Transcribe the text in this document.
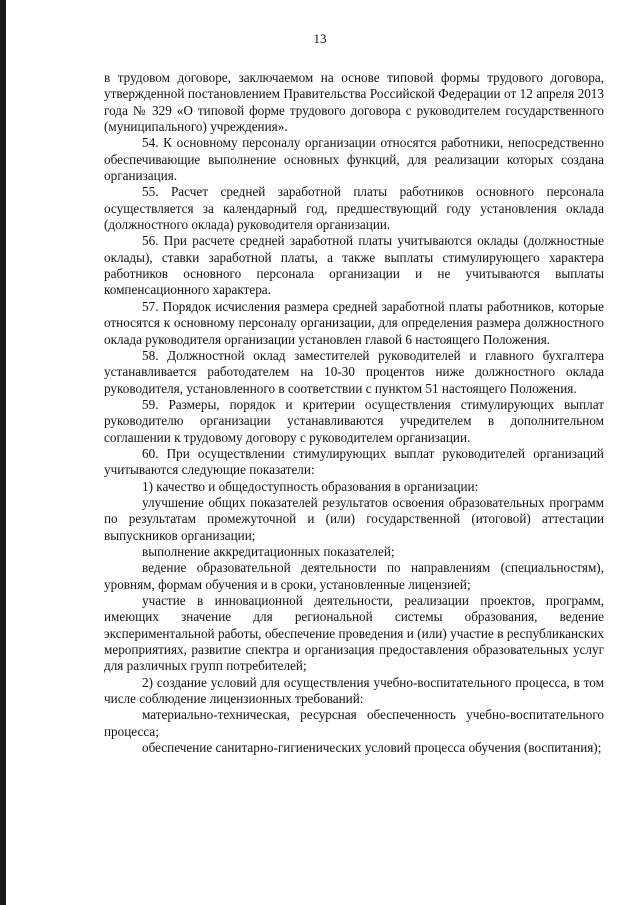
13

в трудовом договоре, заключаемом на основе типовой формы трудового договора, утвержденной постановлением Правительства Российской Федерации от 12 апреля 2013 года № 329 «О типовой форме трудового договора с руководителем государственного (муниципального) учреждения».

54. К основному персоналу организации относятся работники, непосредственно обеспечивающие выполнение основных функций, для реализации которых создана организация.

55. Расчет средней заработной платы работников основного персонала осуществляется за календарный год, предшествующий году установления оклада (должностного оклада) руководителя организации.

56. При расчете средней заработной платы учитываются оклады (должностные оклады), ставки заработной платы, а также выплаты стимулирующего характера работников основного персонала организации и не учитываются выплаты компенсационного характера.

57. Порядок исчисления размера средней заработной платы работников, которые относятся к основному персоналу организации, для определения размера должностного оклада руководителя организации установлен главой 6 настоящего Положения.

58. Должностной оклад заместителей руководителей и главного бухгалтера устанавливается работодателем на 10-30 процентов ниже должностного оклада руководителя, установленного в соответствии с пунктом 51 настоящего Положения.

59. Размеры, порядок и критерии осуществления стимулирующих выплат руководителю организации устанавливаются учредителем в дополнительном соглашении к трудовому договору с руководителем организации.

60. При осуществлении стимулирующих выплат руководителей организаций учитываются следующие показатели:

1) качество и общедоступность образования в организации:

улучшение общих показателей результатов освоения образовательных программ по результатам промежуточной и (или) государственной (итоговой) аттестации выпускников организации;

выполнение аккредитационных показателей;

ведение образовательной деятельности по направлениям (специальностям), уровням, формам обучения и в сроки, установленные лицензией;

участие в инновационной деятельности, реализации проектов, программ, имеющих значение для региональной системы образования, ведение экспериментальной работы, обеспечение проведения и (или) участие в республиканских мероприятиях, развитие спектра и организация предоставления образовательных услуг для различных групп потребителей;

2) создание условий для осуществления учебно-воспитательного процесса, в том числе соблюдение лицензионных требований:

материально-техническая, ресурсная обеспеченность учебно-воспитательного процесса;

обеспечение санитарно-гигиенических условий процесса обучения (воспитания);
